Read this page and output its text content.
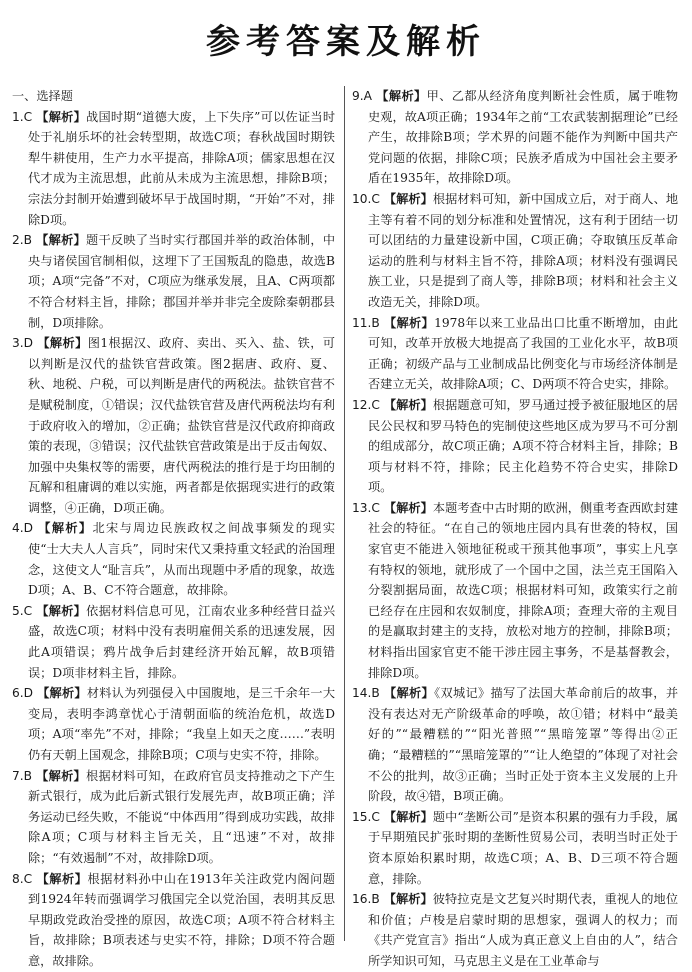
参考答案及解析
一、选择题

1.C 【解析】战国时期“道德大废，上下失序”可以佐证当时处于礼崩乐坏的社会转型期，故选C项；春秋战国时期铁犁牛耕使用，生产力水平提高，排除A项；儒家思想在汉代才成为主流思想，此前从未成为主流思想，排除B项；宗法分封制开始遭到破坏早于战国时期，“开始”不对，排除D项。

2.B 【解析】题干反映了当时实行郡国并举的政治体制，中央与诸侯国官制相似，这埋下了王国叛乱的隐患，故选B项；A项“完备”不对，C项应为继承发展，且A、C两项都不符合材料主旨，排除；郡国并举并非完全废除秦朝郡县制，D项排除。

3.D 【解析】图1根据汉、政府、卖出、买入、盐、铁，可以判断是汉代的盐铁官营政策。图2据唐、政府、夏、秋、地税、户税，可以判断是唐代的两税法。盐铁官营不是赋税制度，①错误；汉代盐铁官营及唐代两税法均有利于政府收入的增加，②正确；盐铁官营是汉代政府抑商政策的表现，③错误；汉代盐铁官营政策是出于反击匈奴、加强中央集权等的需要，唐代两税法的推行是于均田制的瓦解和租庸调的难以实施，两者都是依据现实进行的政策调整，④正确，D项正确。

4.D 【解析】北宋与周边民族政权之间战事频发的现实使“士大夫人人言兵”，同时宋代又秉持重文轻武的治国理念，这使文人“耻言兵”，从而出现题中矛盾的现象，故选D项；A、B、C不符合题意，故排除。

5.C 【解析】依据材料信息可见，江南农业多种经营日益兴盛，故选C项；材料中没有表明雇佣关系的迅速发展，因此A项错误；鸦片战争后封建经济开始瓦解，故B项错误；D项非材料主旨，排除。

6.D 【解析】材料认为列强侵入中国腹地，是三千余年一大变局，表明李鸿章忧心于清朝面临的统治危机，故选D项；A项“率先”不对，排除；“我皇上如天之度……”表明仍有天朝上国观念，排除B项；C项与史实不符，排除。

7.B 【解析】根据材料可知，在政府官员支持推动之下产生新式银行，成为此后新式银行发展先声，故B项正确；洋务运动已经失败，不能说“中体西用”得到成功实践，故排除A项；C项与材料主旨无关，且“迅速”不对，故排除；“有效遏制”不对，故排除D项。

8.C 【解析】根据材料孙中山在1913年关注政党内阁问题到1924年转而强调学习俄国完全以党治国，表明其反思早期政党政治受挫的原因，故选C项；A项不符合材料主旨，故排除；B项表述与史实不符，排除；D项不符合题意，故排除。

9.A 【解析】甲、乙都从经济角度判断社会性质，属于唯物史观，故A项正确；1934年之前“工农武装割据理论”已经产生，故排除B项；学术界的问题不能作为判断中国共产党问题的依据，排除C项；民族矛盾成为中国社会主要矛盾在1935年，故排除D项。

10.C 【解析】根据材料可知，新中国成立后，对于商人、地主等有着不同的划分标准和处置情况，这有利于团结一切可以团结的力量建设新中国，C项正确；夺取镇压反革命运动的胜利与材料主旨不符，排除A项；材料没有强调民族工业，只是提到了商人等，排除B项；材料和社会主义改造无关，排除D项。

11.B 【解析】1978年以来工业品出口比重不断增加，由此可知，改革开放极大地提高了我国的工业化水平，故B项正确；初级产品与工业制成品比例变化与市场经济体制是否建立无关，故排除A项；C、D两项不符合史实，排除。

12.C 【解析】根据题意可知，罗马通过授予被征服地区的居民公民权和罗马特色的宪制使这些地区成为罗马不可分割的组成部分，故C项正确；A项不符合材料主旨，排除；B项与材料不符，排除；民主化趋势不符合史实，排除D项。

13.C 【解析】本题考查中古时期的欧洲，侧重考查西欧封建社会的特征。“在自己的领地庄园内具有世袭的特权，国家官吏不能进入领地征税或干预其他事项”，事实上凡享有特权的领地，就形成了一个国中之国，法兰克王国陷入分裂割据局面，故选C项；根据材料可知，政策实行之前已经存在庄园和农奴制度，排除A项；查理大帝的主观目的是赢取封建主的支持，放松对地方的控制，排除B项；材料指出国家官吏不能干涉庄园主事务，不是基督教会，排除D项。

14.B 【解析】《双城记》描写了法国大革命前后的故事，并没有表达对无产阶级革命的呼唤，故①错；材料中“最美好的”“最糟糕的”“阳光普照”“黑暗笼罩”等得出②正确；“最糟糕的”“黑暗笼罩的”“让人绝望的”体现了对社会不公的批判，故③正确；当时正处于资本主义发展的上升阶段，故④错，B项正确。

15.C 【解析】题中“垄断公司”是资本积累的强有力手段，属于早期殖民扩张时期的垄断性贸易公司，表明当时正处于资本原始积累时期，故选C项；A、B、D三项不符合题意，排除。

16.B 【解析】彼特拉克是文艺复兴时期代表，重视人的地位和价值；卢梭是启蒙时期的思想家，强调人的权力；而《共产党宣言》指出“人成为真正意义上自由的人”，结合所学知识可知，马克思主义是在工业革命与
